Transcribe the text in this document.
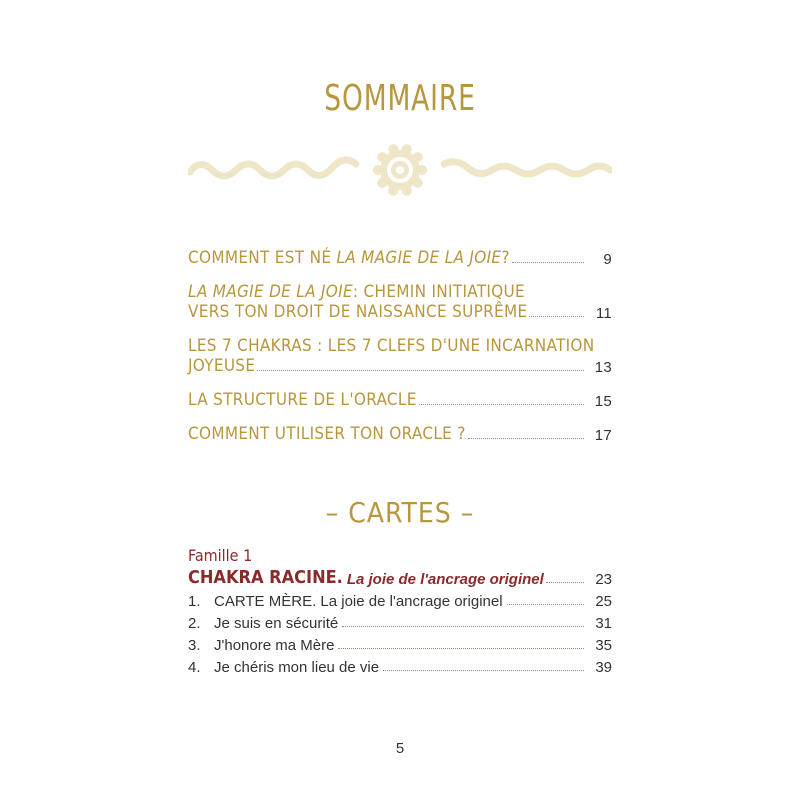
SOMMAIRE
COMMENT EST NÉ LA MAGIE DE LA JOIE?	9
LA MAGIE DE LA JOIE: CHEMIN INITIATIQUE
VERS TON DROIT DE NAISSANCE SUPRÊME	11
LES 7 CHAKRAS : LES 7 CLEFS D'UNE INCARNATION
JOYEUSE	13
LA STRUCTURE DE L'ORACLE	15
COMMENT UTILISER TON ORACLE ?	17
– CARTES –
Famille 1
CHAKRA RACINE. La joie de l'ancrage originel	23
1. CARTE MÈRE. La joie de l'ancrage originel	25
2. Je suis en sécurité	31
3. J'honore ma Mère	35
4. Je chéris mon lieu de vie	39
5
